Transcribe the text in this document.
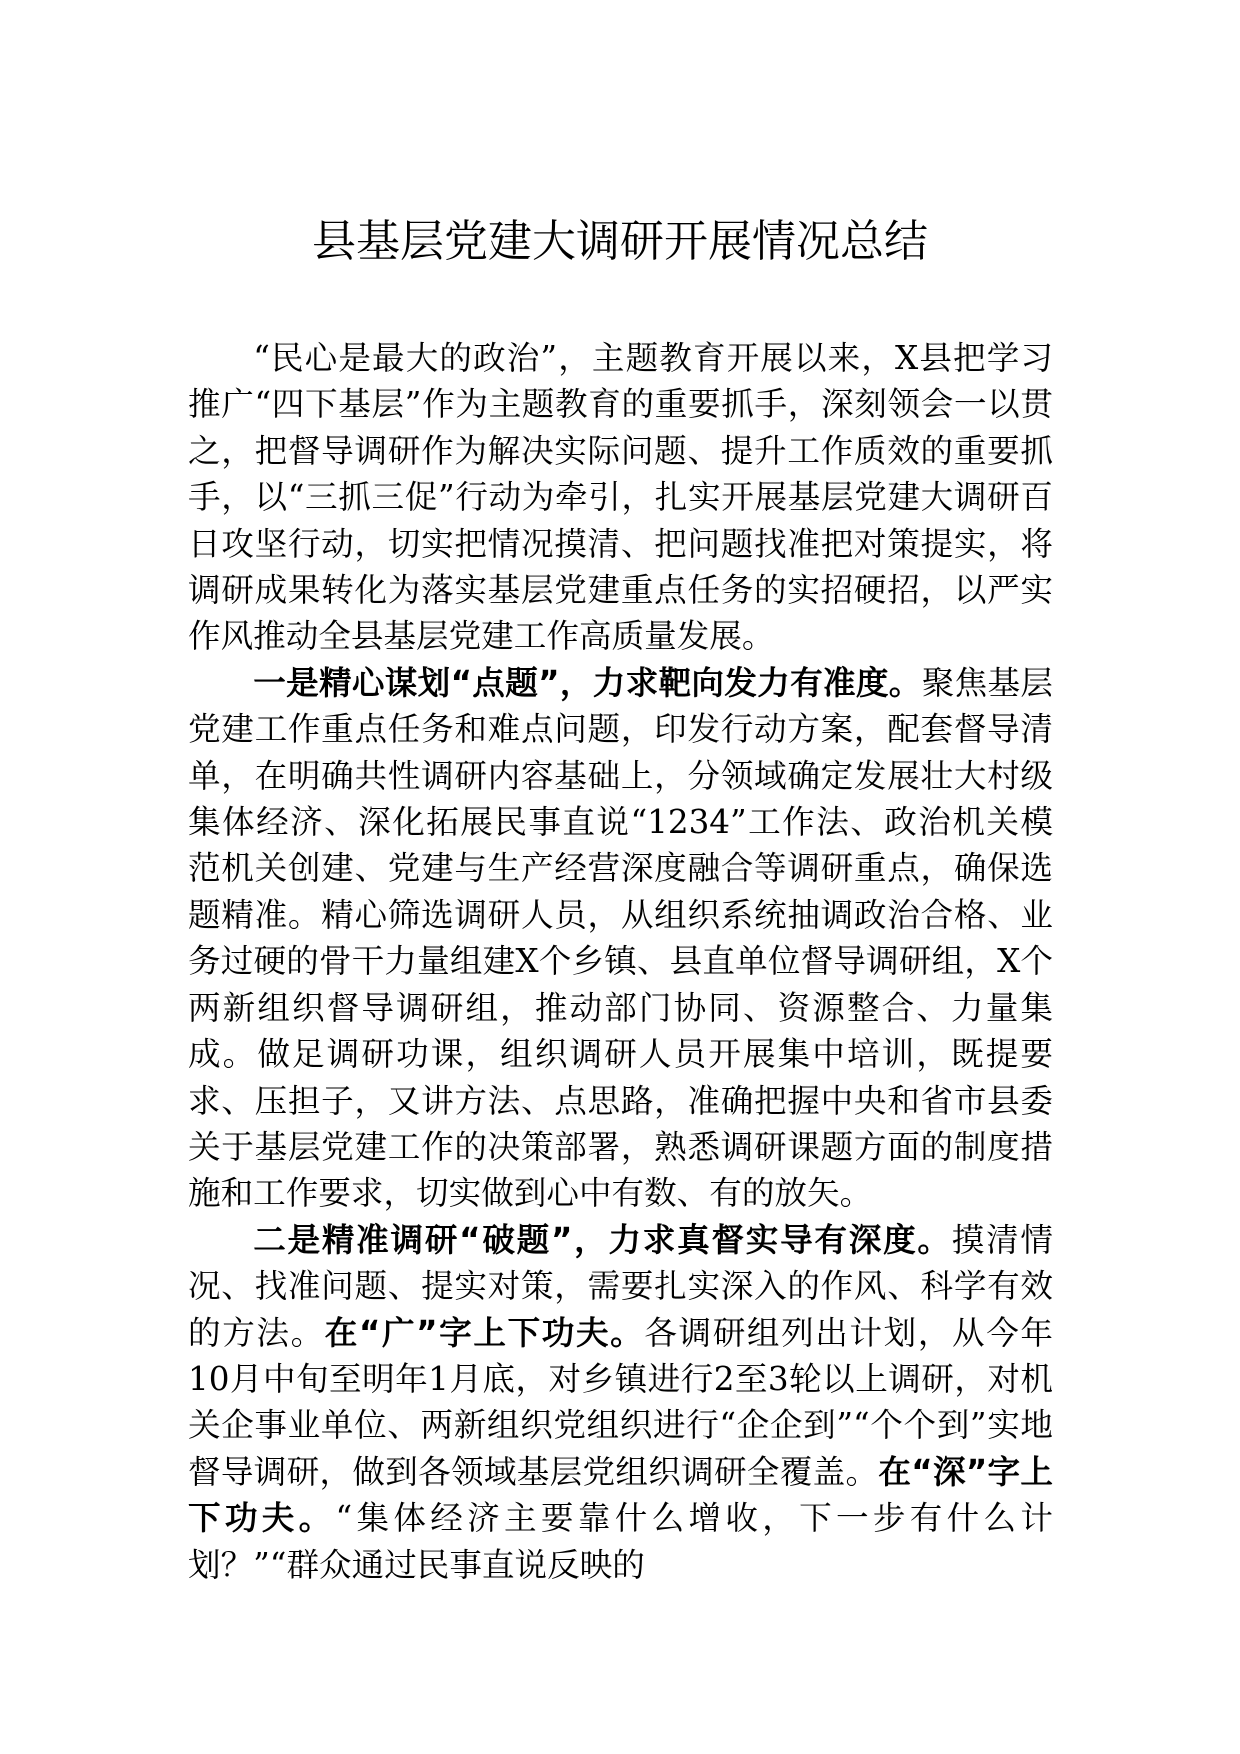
县基层党建大调研开展情况总结

“民心是最大的政治”，主题教育开展以来，X县把学习推广“四下基层”作为主题教育的重要抓手，深刻领会一以贯之，把督导调研作为解决实际问题、提升工作质效的重要抓手，以“三抓三促”行动为牵引，扎实开展基层党建大调研百日攻坚行动，切实把情况摸清、把问题找准把对策提实，将调研成果转化为落实基层党建重点任务的实招硬招，以严实作风推动全县基层党建工作高质量发展。

一是精心谋划“点题”，力求靶向发力有准度。聚焦基层党建工作重点任务和难点问题，印发行动方案，配套督导清单，在明确共性调研内容基础上，分领域确定发展壮大村级集体经济、深化拓展民事直说“1234”工作法、政治机关模范机关创建、党建与生产经营深度融合等调研重点，确保选题精准。精心筛选调研人员，从组织系统抽调政治合格、业务过硬的骨干力量组建X个乡镇、县直单位督导调研组，X个两新组织督导调研组，推动部门协同、资源整合、力量集成。做足调研功课，组织调研人员开展集中培训，既提要求、压担子，又讲方法、点思路，准确把握中央和省市县委关于基层党建工作的决策部署，熟悉调研课题方面的制度措施和工作要求，切实做到心中有数、有的放矢。

二是精准调研“破题”，力求真督实导有深度。摸清情况、找准问题、提实对策，需要扎实深入的作风、科学有效的方法。在“广”字上下功夫。各调研组列出计划，从今年10月中旬至明年1月底，对乡镇进行2至3轮以上调研，对机关企事业单位、两新组织党组织进行“企企到”“个个到”实地督导调研，做到各领域基层党组织调研全覆盖。在“深”字上下功夫。“集体经济主要靠什么增收，下一步有什么计划？”“群众通过民事直说反映的
